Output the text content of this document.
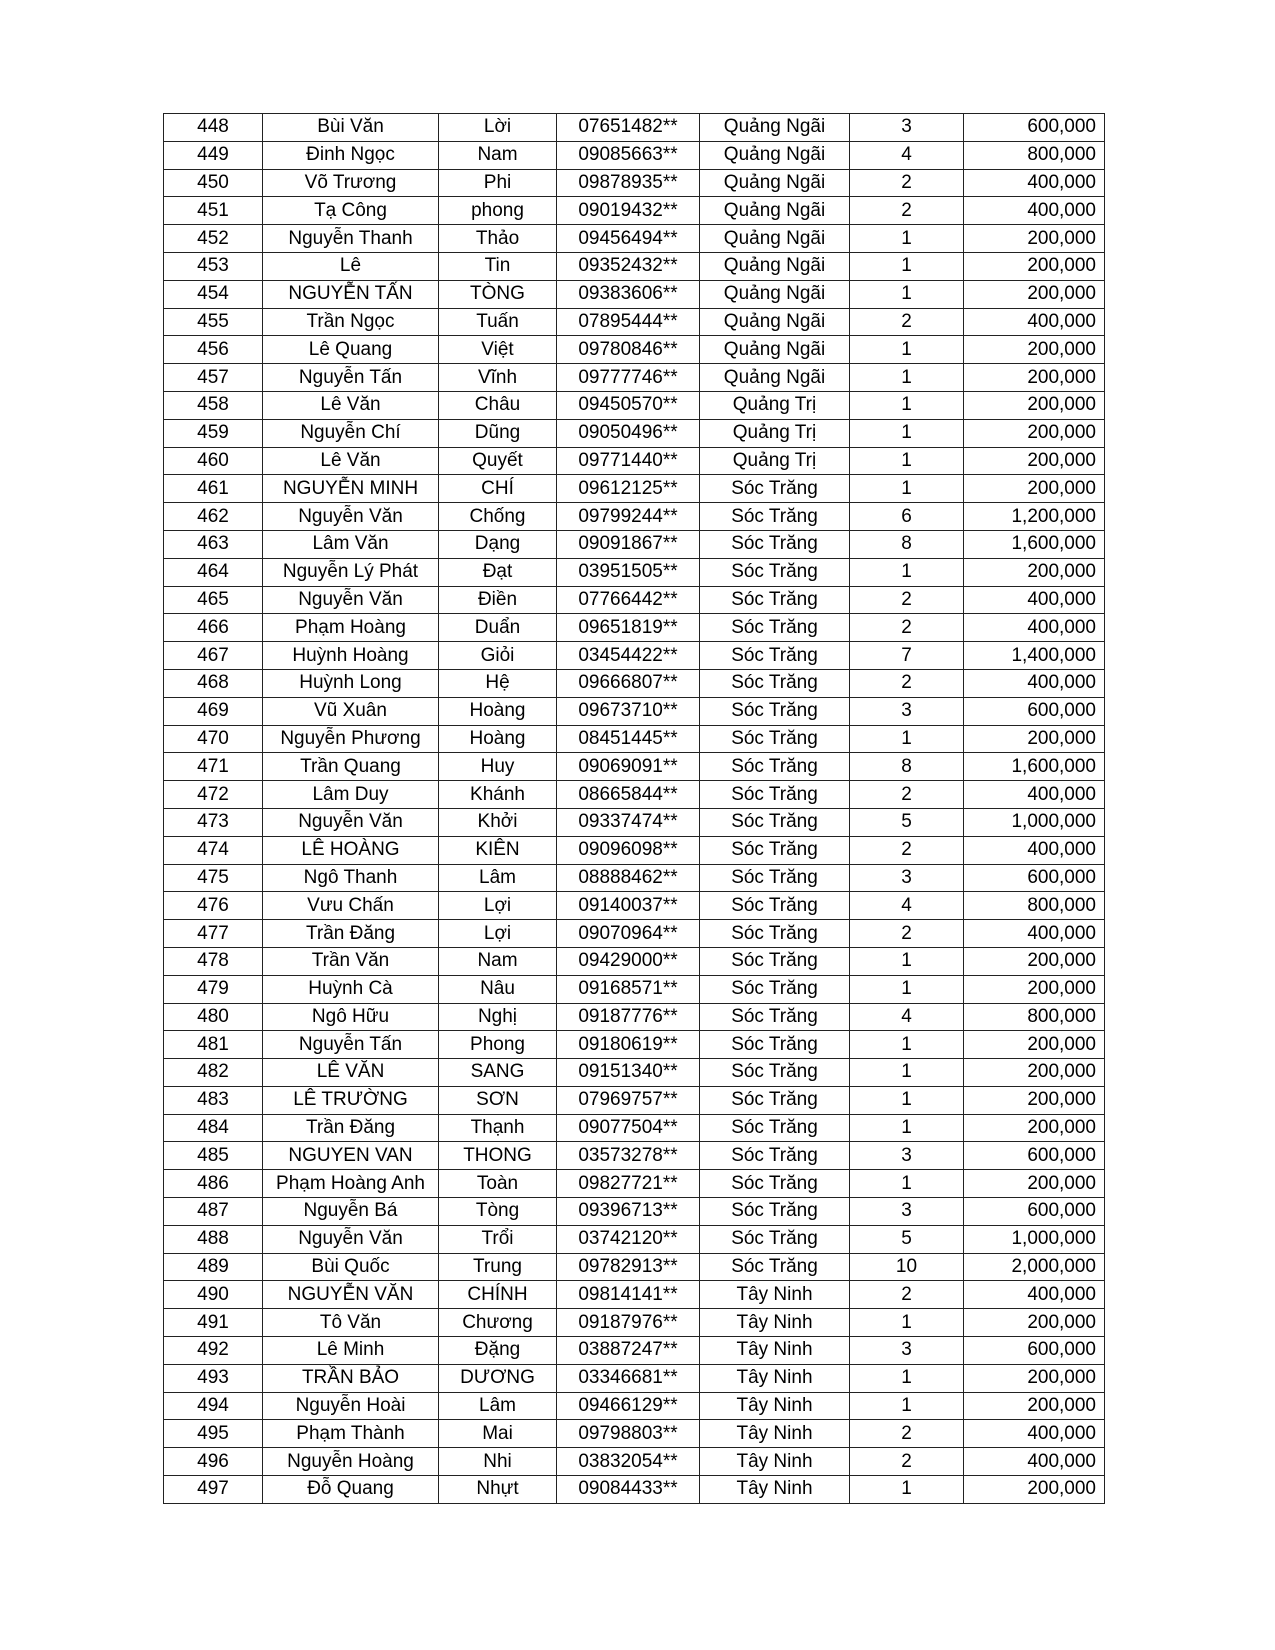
448	Bùi Văn	Lời	07651482**	Quảng Ngãi	3	600,000
449	Đinh Ngọc	Nam	09085663**	Quảng Ngãi	4	800,000
450	Võ Trương	Phi	09878935**	Quảng Ngãi	2	400,000
451	Tạ Công	phong	09019432**	Quảng Ngãi	2	400,000
452	Nguyễn Thanh	Thảo	09456494**	Quảng Ngãi	1	200,000
453	Lê	Tin	09352432**	Quảng Ngãi	1	200,000
454	NGUYỄN TẤN	TÒNG	09383606**	Quảng Ngãi	1	200,000
455	Trần Ngọc	Tuấn	07895444**	Quảng Ngãi	2	400,000
456	Lê Quang	Việt	09780846**	Quảng Ngãi	1	200,000
457	Nguyễn Tấn	Vĩnh	09777746**	Quảng Ngãi	1	200,000
458	Lê Văn	Châu	09450570**	Quảng Trị	1	200,000
459	Nguyễn Chí	Dũng	09050496**	Quảng Trị	1	200,000
460	Lê Văn	Quyết	09771440**	Quảng Trị	1	200,000
461	NGUYỄN MINH	CHÍ	09612125**	Sóc Trăng	1	200,000
462	Nguyễn Văn	Chống	09799244**	Sóc Trăng	6	1,200,000
463	Lâm Văn	Dạng	09091867**	Sóc Trăng	8	1,600,000
464	Nguyễn Lý Phát	Đạt	03951505**	Sóc Trăng	1	200,000
465	Nguyễn Văn	Điền	07766442**	Sóc Trăng	2	400,000
466	Phạm Hoàng	Duẩn	09651819**	Sóc Trăng	2	400,000
467	Huỳnh Hoàng	Giỏi	03454422**	Sóc Trăng	7	1,400,000
468	Huỳnh Long	Hệ	09666807**	Sóc Trăng	2	400,000
469	Vũ Xuân	Hoàng	09673710**	Sóc Trăng	3	600,000
470	Nguyễn Phương	Hoàng	08451445**	Sóc Trăng	1	200,000
471	Trần Quang	Huy	09069091**	Sóc Trăng	8	1,600,000
472	Lâm Duy	Khánh	08665844**	Sóc Trăng	2	400,000
473	Nguyễn Văn	Khởi	09337474**	Sóc Trăng	5	1,000,000
474	LÊ HOÀNG	KIÊN	09096098**	Sóc Trăng	2	400,000
475	Ngô Thanh	Lâm	08888462**	Sóc Trăng	3	600,000
476	Vưu Chấn	Lợi	09140037**	Sóc Trăng	4	800,000
477	Trần Đăng	Lợi	09070964**	Sóc Trăng	2	400,000
478	Trần Văn	Nam	09429000**	Sóc Trăng	1	200,000
479	Huỳnh Cà	Nâu	09168571**	Sóc Trăng	1	200,000
480	Ngô Hữu	Nghị	09187776**	Sóc Trăng	4	800,000
481	Nguyễn Tấn	Phong	09180619**	Sóc Trăng	1	200,000
482	LÊ VĂN	SANG	09151340**	Sóc Trăng	1	200,000
483	LÊ TRƯỜNG	SƠN	07969757**	Sóc Trăng	1	200,000
484	Trần Đăng	Thạnh	09077504**	Sóc Trăng	1	200,000
485	NGUYEN VAN	THONG	03573278**	Sóc Trăng	3	600,000
486	Phạm Hoàng Anh	Toàn	09827721**	Sóc Trăng	1	200,000
487	Nguyễn Bá	Tòng	09396713**	Sóc Trăng	3	600,000
488	Nguyễn Văn	Trổi	03742120**	Sóc Trăng	5	1,000,000
489	Bùi Quốc	Trung	09782913**	Sóc Trăng	10	2,000,000
490	NGUYỄN VĂN	CHÍNH	09814141**	Tây Ninh	2	400,000
491	Tô Văn	Chương	09187976**	Tây Ninh	1	200,000
492	Lê Minh	Đặng	03887247**	Tây Ninh	3	600,000
493	TRẦN BẢO	DƯƠNG	03346681**	Tây Ninh	1	200,000
494	Nguyễn Hoài	Lâm	09466129**	Tây Ninh	1	200,000
495	Phạm Thành	Mai	09798803**	Tây Ninh	2	400,000
496	Nguyễn Hoàng	Nhi	03832054**	Tây Ninh	2	400,000
497	Đỗ Quang	Nhựt	09084433**	Tây Ninh	1	200,000
